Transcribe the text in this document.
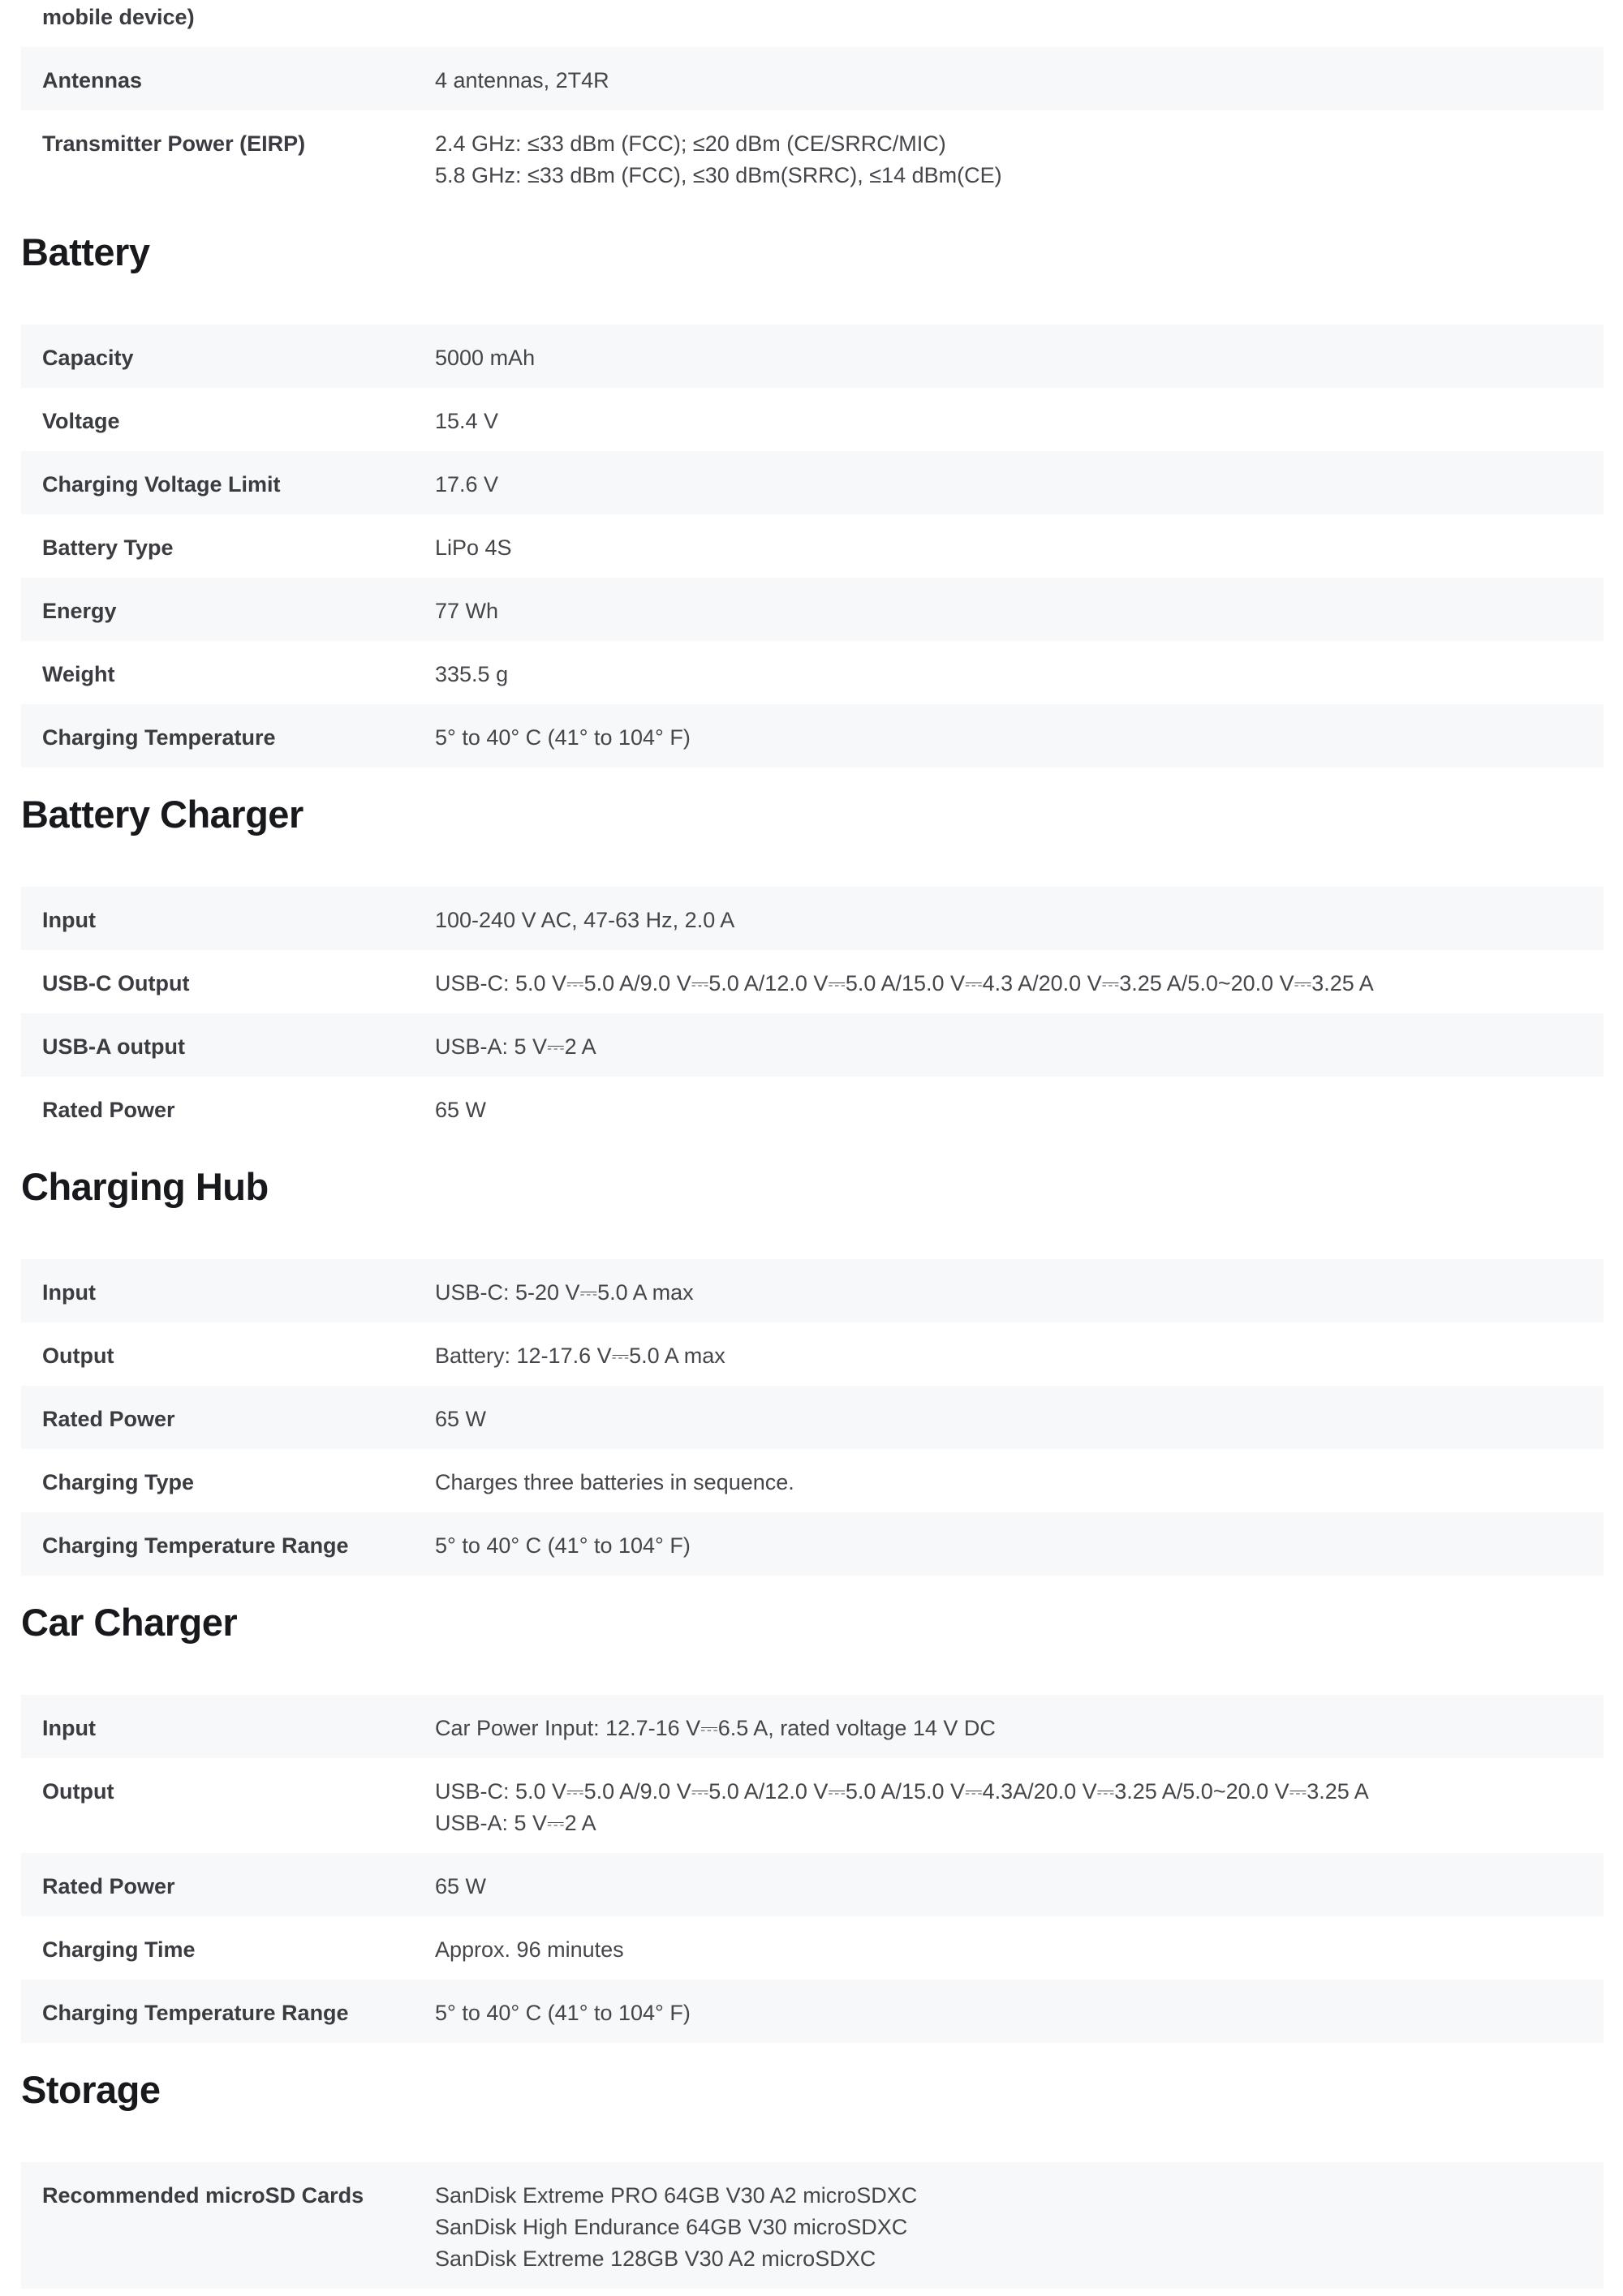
mobile device)
Antennas	4 antennas, 2T4R
Transmitter Power (EIRP)	2.4 GHz: ≤33 dBm (FCC); ≤20 dBm (CE/SRRC/MIC)
5.8 GHz: ≤33 dBm (FCC), ≤30 dBm(SRRC), ≤14 dBm(CE)
Battery
Capacity	5000 mAh
Voltage	15.4 V
Charging Voltage Limit	17.6 V
Battery Type	LiPo 4S
Energy	77 Wh
Weight	335.5 g
Charging Temperature	5° to 40° C (41° to 104° F)
Battery Charger
Input	100-240 V AC, 47-63 Hz, 2.0 A
USB-C Output	USB-C: 5.0 V⎓5.0 A/9.0 V⎓5.0 A/12.0 V⎓5.0 A/15.0 V⎓4.3 A/20.0 V⎓3.25 A/5.0~20.0 V⎓3.25 A
USB-A output	USB-A: 5 V⎓2 A
Rated Power	65 W
Charging Hub
Input	USB-C: 5-20 V⎓5.0 A max
Output	Battery: 12-17.6 V⎓5.0 A max
Rated Power	65 W
Charging Type	Charges three batteries in sequence.
Charging Temperature Range	5° to 40° C (41° to 104° F)
Car Charger
Input	Car Power Input: 12.7-16 V⎓6.5 A, rated voltage 14 V DC
Output	USB-C: 5.0 V⎓5.0 A/9.0 V⎓5.0 A/12.0 V⎓5.0 A/15.0 V⎓4.3A/20.0 V⎓3.25 A/5.0~20.0 V⎓3.25 A
USB-A: 5 V⎓2 A
Rated Power	65 W
Charging Time	Approx. 96 minutes
Charging Temperature Range	5° to 40° C (41° to 104° F)
Storage
Recommended microSD Cards	SanDisk Extreme PRO 64GB V30 A2 microSDXC
SanDisk High Endurance 64GB V30 microSDXC
SanDisk Extreme 128GB V30 A2 microSDXC
